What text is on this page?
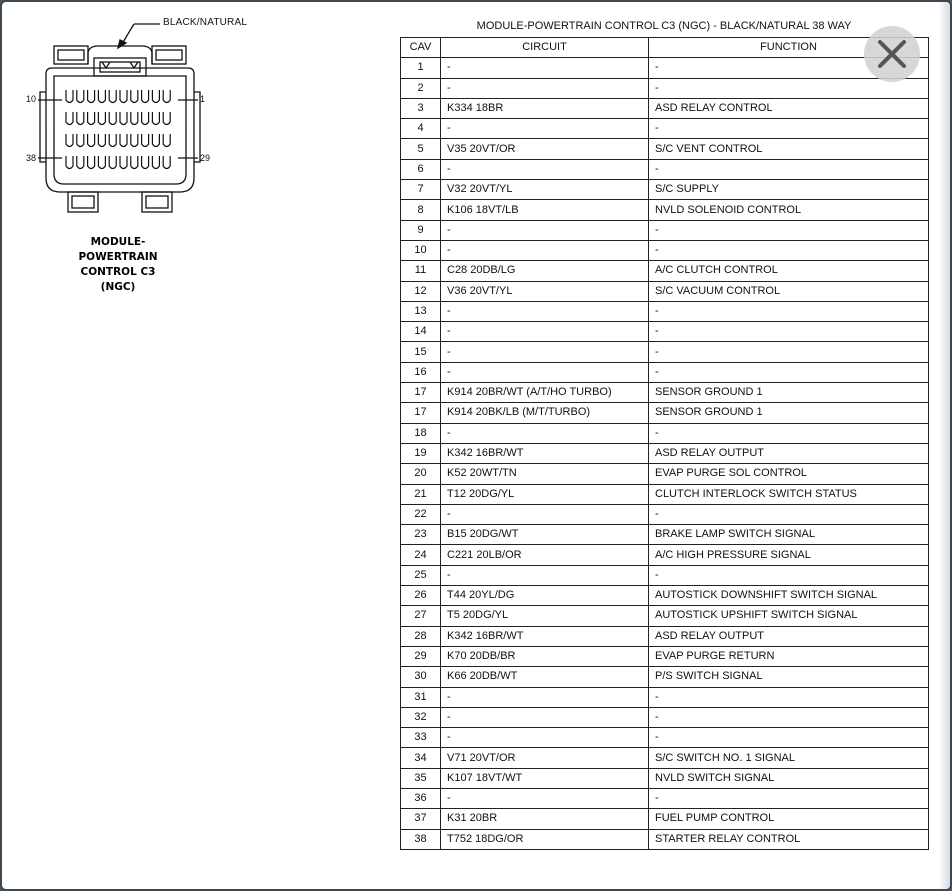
BLACK/NATURAL
10	1
38	29
MODULE-
POWERTRAIN
CONTROL C3
(NGC)
MODULE-POWERTRAIN CONTROL C3 (NGC) - BLACK/NATURAL 38 WAY
CAV	CIRCUIT	FUNCTION
1	-	-
2	-	-
3	K334 18BR	ASD RELAY CONTROL
4	-	-
5	V35 20VT/OR	S/C VENT CONTROL
6	-	-
7	V32 20VT/YL	S/C SUPPLY
8	K106 18VT/LB	NVLD SOLENOID CONTROL
9	-	-
10	-	-
11	C28 20DB/LG	A/C CLUTCH CONTROL
12	V36 20VT/YL	S/C VACUUM CONTROL
13	-	-
14	-	-
15	-	-
16	-	-
17	K914 20BR/WT (A/T/HO TURBO)	SENSOR GROUND 1
17	K914 20BK/LB (M/T/TURBO)	SENSOR GROUND 1
18	-	-
19	K342 16BR/WT	ASD RELAY OUTPUT
20	K52 20WT/TN	EVAP PURGE SOL CONTROL
21	T12 20DG/YL	CLUTCH INTERLOCK SWITCH STATUS
22	-	-
23	B15 20DG/WT	BRAKE LAMP SWITCH SIGNAL
24	C221 20LB/OR	A/C HIGH PRESSURE SIGNAL
25	-	-
26	T44 20YL/DG	AUTOSTICK DOWNSHIFT SWITCH SIGNAL
27	T5 20DG/YL	AUTOSTICK UPSHIFT SWITCH SIGNAL
28	K342 16BR/WT	ASD RELAY OUTPUT
29	K70 20DB/BR	EVAP PURGE RETURN
30	K66 20DB/WT	P/S SWITCH SIGNAL
31	-	-
32	-	-
33	-	-
34	V71 20VT/OR	S/C SWITCH NO. 1 SIGNAL
35	K107 18VT/WT	NVLD SWITCH SIGNAL
36	-	-
37	K31 20BR	FUEL PUMP CONTROL
38	T752 18DG/OR	STARTER RELAY CONTROL
